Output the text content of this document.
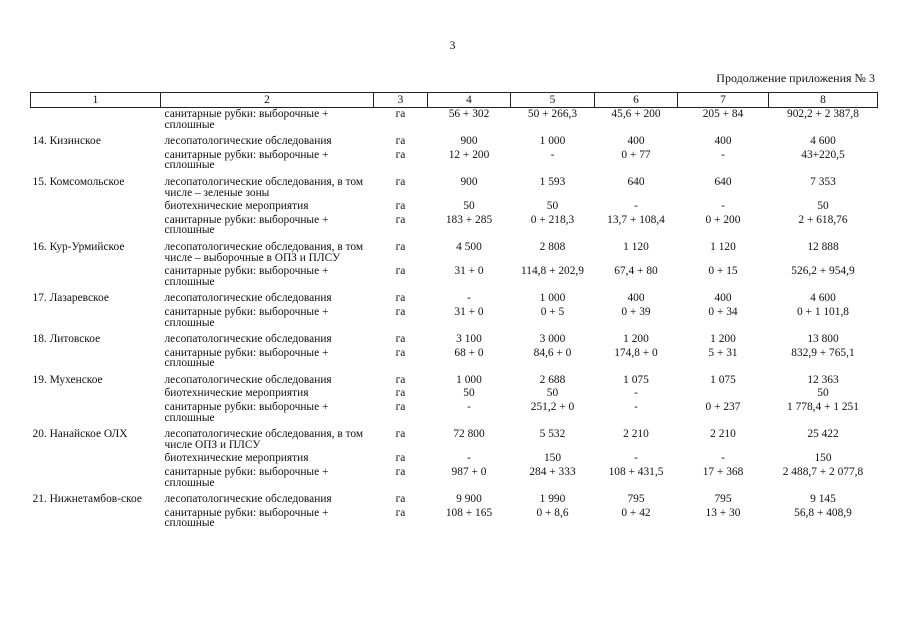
3
Продолжение приложения № 3
1	2	3	4	5	6	7	8
	санитарные рубки: выборочные + сплошные	га	56 + 302	50 + 266,3	45,6 + 200	205 + 84	902,2 + 2 387,8
14. Кизинское	лесопатологические обследования	га	900	1 000	400	400	4 600
	санитарные рубки: выборочные + сплошные	га	12 + 200	-	0 + 77	-	43+220,5
15. Комсомольское	лесопатологические обследования, в том числе – зеленые зоны	га	900	1 593	640	640	7 353
	биотехнические мероприятия	га	50	50	-	-	50
	санитарные рубки: выборочные + сплошные	га	183 + 285	0 + 218,3	13,7 + 108,4	0 + 200	2 + 618,76
16. Кур-Урмийское	лесопатологические обследования, в том числе – выборочные в ОПЗ и ПЛСУ	га	4 500	2 808	1 120	1 120	12 888
	санитарные рубки: выборочные + сплошные	га	31 + 0	114,8 + 202,9	67,4 + 80	0 + 15	526,2 + 954,9
17. Лазаревское	лесопатологические обследования	га	-	1 000	400	400	4 600
	санитарные рубки: выборочные + сплошные	га	31 + 0	0 + 5	0 + 39	0 + 34	0 + 1 101,8
18. Литовское	лесопатологические обследования	га	3 100	3 000	1 200	1 200	13 800
	санитарные рубки: выборочные + сплошные	га	68 + 0	84,6 + 0	174,8 + 0	5 + 31	832,9 + 765,1
19. Мухенское	лесопатологические обследования	га	1 000	2 688	1 075	1 075	12 363
	биотехнические мероприятия	га	50	50	-		50
	санитарные рубки: выборочные + сплошные	га	-	251,2 + 0	-	0 + 237	1 778,4 + 1 251
20. Нанайское ОЛХ	лесопатологические обследования, в том числе ОПЗ и ПЛСУ	га	72 800	5 532	2 210	2 210	25 422
	биотехнические мероприятия	га	-	150	-	-	150
	санитарные рубки: выборочные + сплошные	га	987 + 0	284 + 333	108 + 431,5	17 + 368	2 488,7 + 2 077,8
21. Нижнетамбов-ское	лесопатологические обследования	га	9 900	1 990	795	795	9 145
	санитарные рубки: выборочные + сплошные	га	108 + 165	0 + 8,6	0 + 42	13 + 30	56,8 + 408,9
